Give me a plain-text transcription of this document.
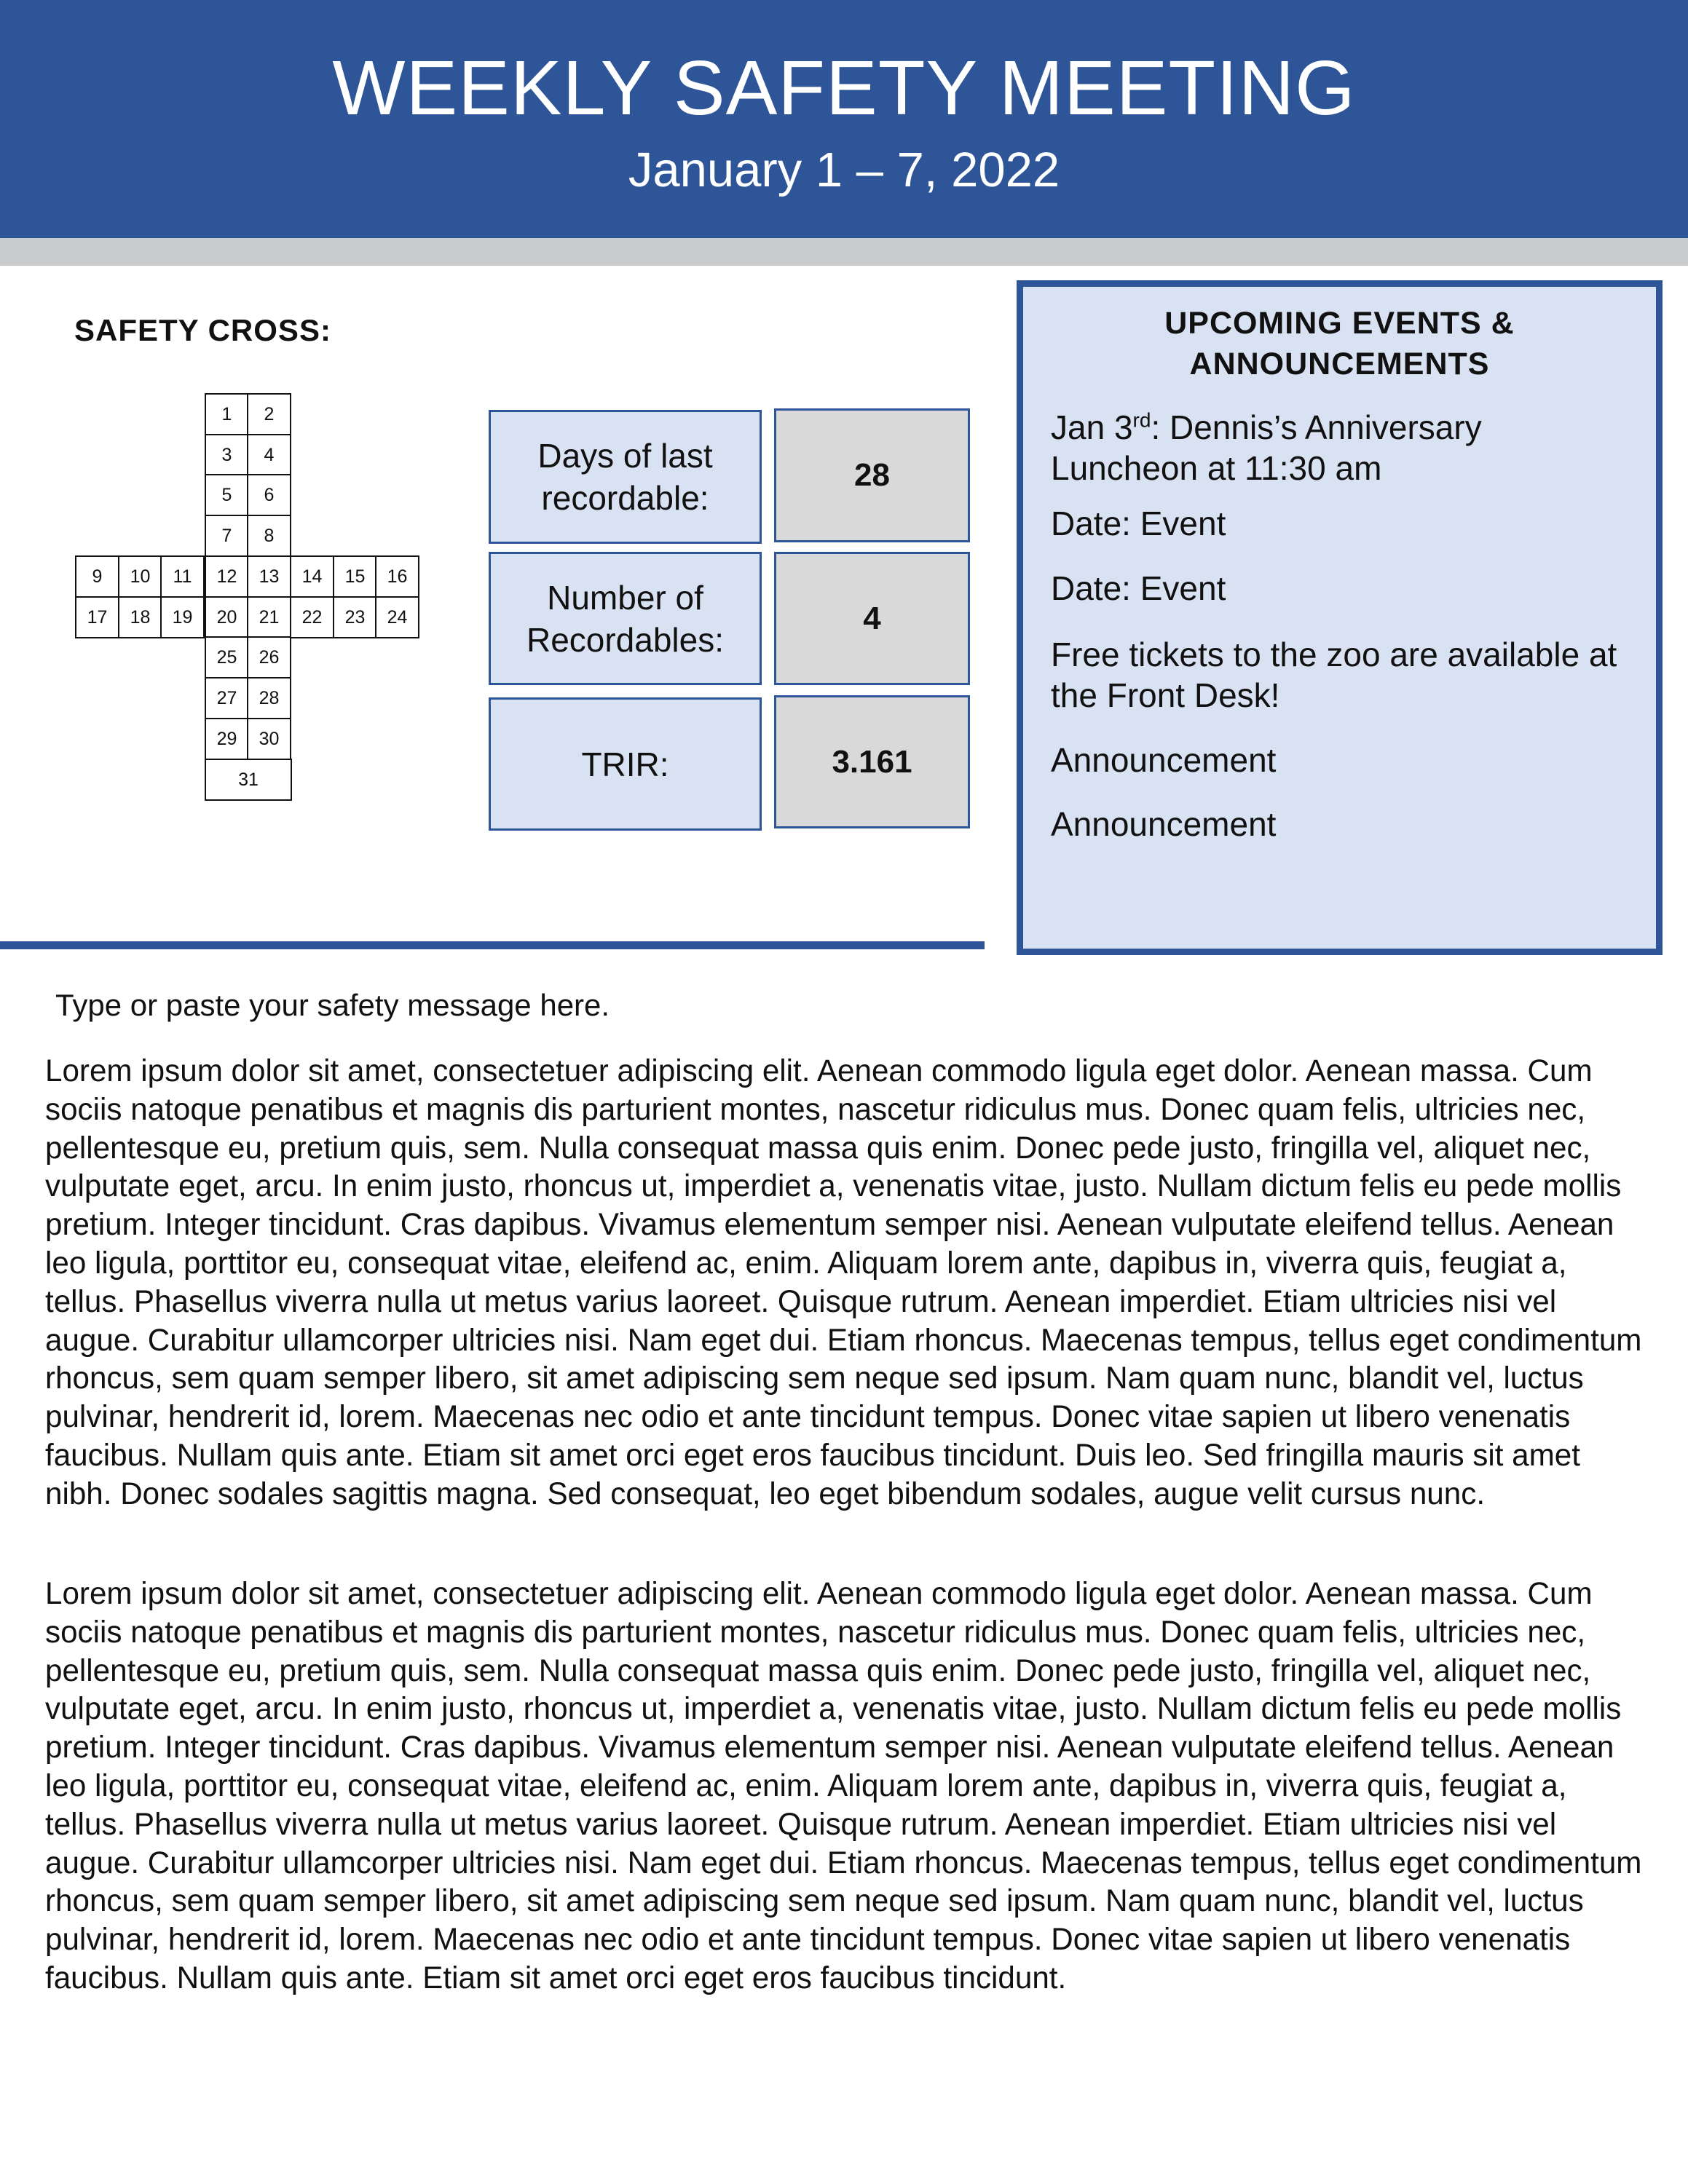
WEEKLY SAFETY MEETING
January 1 – 7, 2022
SAFETY CROSS:
1	2
3	4
5	6
7	8
9	10	11	12	13	14	15	16
17	18	19	20	21	22	23	24
25	26
27	28
29	30
31
Days of last recordable:
28
Number of Recordables:
4
TRIR:	3.161
UPCOMING EVENTS & ANNOUNCEMENTS
Jan 3rd: Dennis’s Anniversary Luncheon at 11:30 am
Date: Event
Date: Event
Free tickets to the zoo are available at the Front Desk!
Announcement
Announcement
Type or paste your safety message here.

Lorem ipsum dolor sit amet, consectetuer adipiscing elit. Aenean commodo ligula eget dolor. Aenean massa. Cum sociis natoque penatibus et magnis dis parturient montes, nascetur ridiculus mus. Donec quam felis, ultricies nec, pellentesque eu, pretium quis, sem. Nulla consequat massa quis enim. Donec pede justo, fringilla vel, aliquet nec, vulputate eget, arcu. In enim justo, rhoncus ut, imperdiet a, venenatis vitae, justo. Nullam dictum felis eu pede mollis pretium. Integer tincidunt. Cras dapibus. Vivamus elementum semper nisi. Aenean vulputate eleifend tellus. Aenean leo ligula, porttitor eu, consequat vitae, eleifend ac, enim. Aliquam lorem ante, dapibus in, viverra quis, feugiat a, tellus. Phasellus viverra nulla ut metus varius laoreet. Quisque rutrum. Aenean imperdiet. Etiam ultricies nisi vel augue. Curabitur ullamcorper ultricies nisi. Nam eget dui. Etiam rhoncus. Maecenas tempus, tellus eget condimentum rhoncus, sem quam semper libero, sit amet adipiscing sem neque sed ipsum. Nam quam nunc, blandit vel, luctus pulvinar, hendrerit id, lorem. Maecenas nec odio et ante tincidunt tempus. Donec vitae sapien ut libero venenatis faucibus. Nullam quis ante. Etiam sit amet orci eget eros faucibus tincidunt. Duis leo. Sed fringilla mauris sit amet nibh. Donec sodales sagittis magna. Sed consequat, leo eget bibendum sodales, augue velit cursus nunc.

Lorem ipsum dolor sit amet, consectetuer adipiscing elit. Aenean commodo ligula eget dolor. Aenean massa. Cum sociis natoque penatibus et magnis dis parturient montes, nascetur ridiculus mus. Donec quam felis, ultricies nec, pellentesque eu, pretium quis, sem. Nulla consequat massa quis enim. Donec pede justo, fringilla vel, aliquet nec, vulputate eget, arcu. In enim justo, rhoncus ut, imperdiet a, venenatis vitae, justo. Nullam dictum felis eu pede mollis pretium. Integer tincidunt. Cras dapibus. Vivamus elementum semper nisi. Aenean vulputate eleifend tellus. Aenean leo ligula, porttitor eu, consequat vitae, eleifend ac, enim. Aliquam lorem ante, dapibus in, viverra quis, feugiat a, tellus. Phasellus viverra nulla ut metus varius laoreet. Quisque rutrum. Aenean imperdiet. Etiam ultricies nisi vel augue. Curabitur ullamcorper ultricies nisi. Nam eget dui. Etiam rhoncus. Maecenas tempus, tellus eget condimentum rhoncus, sem quam semper libero, sit amet adipiscing sem neque sed ipsum. Nam quam nunc, blandit vel, luctus pulvinar, hendrerit id, lorem. Maecenas nec odio et ante tincidunt tempus. Donec vitae sapien ut libero venenatis faucibus. Nullam quis ante. Etiam sit amet orci eget eros faucibus tincidunt.
